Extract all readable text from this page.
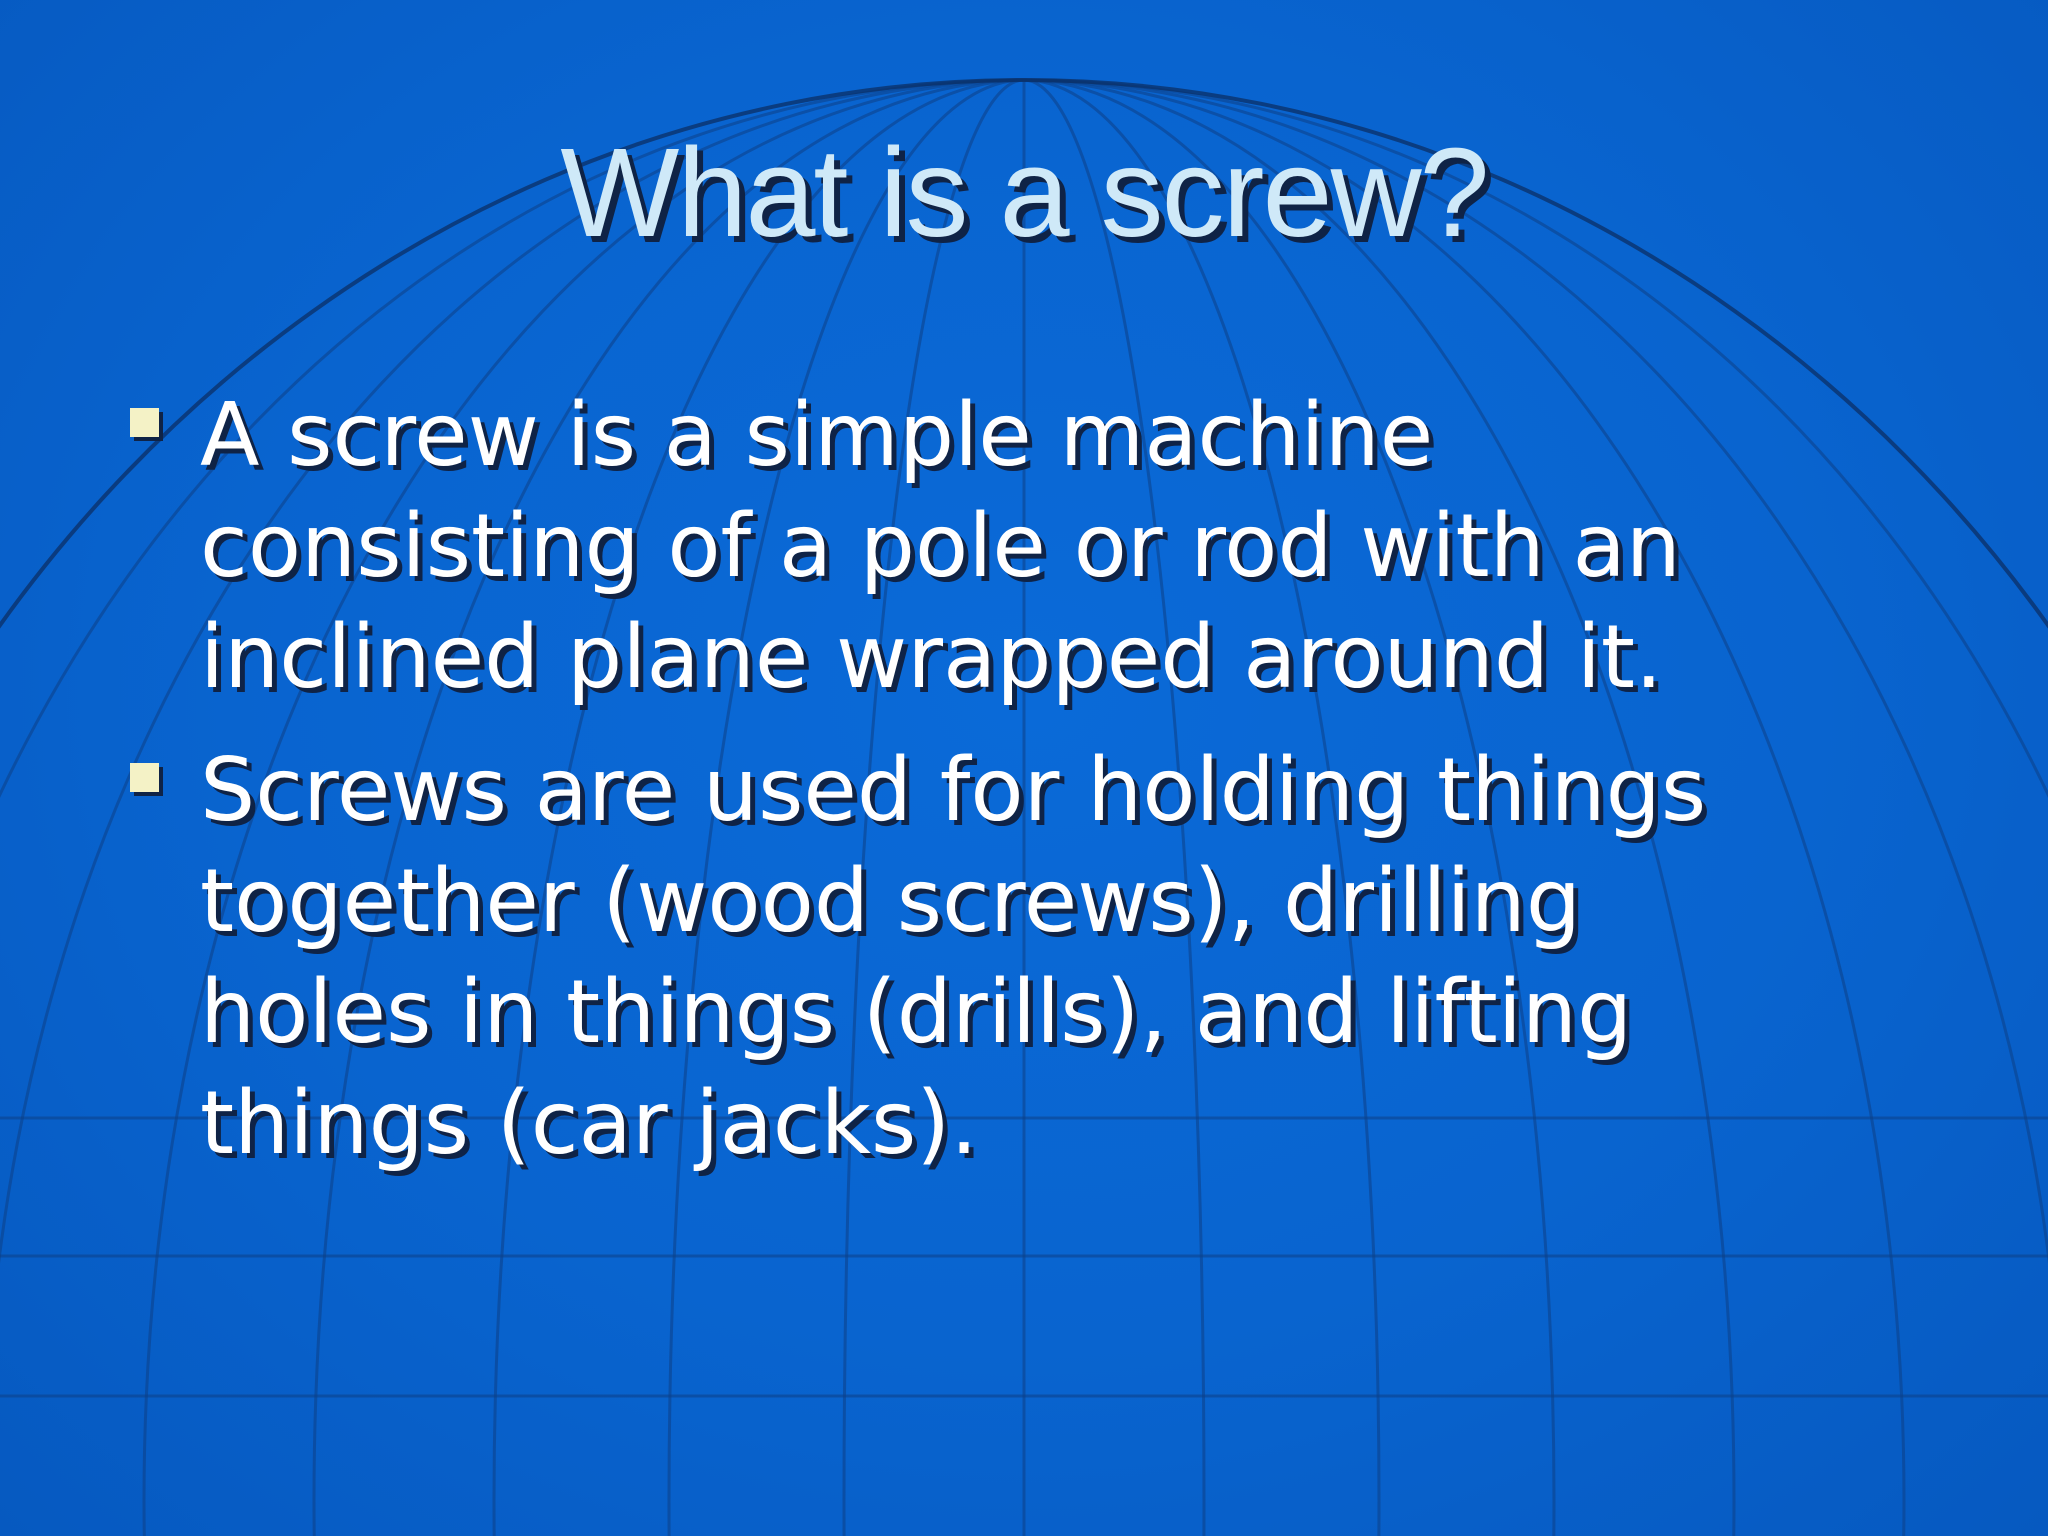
What is a screw?
A screw is a simple machine
consisting of a pole or rod with an
inclined plane wrapped around it.
Screws are used for holding things
together (wood screws), drilling
holes in things (drills), and lifting
things (car jacks).
